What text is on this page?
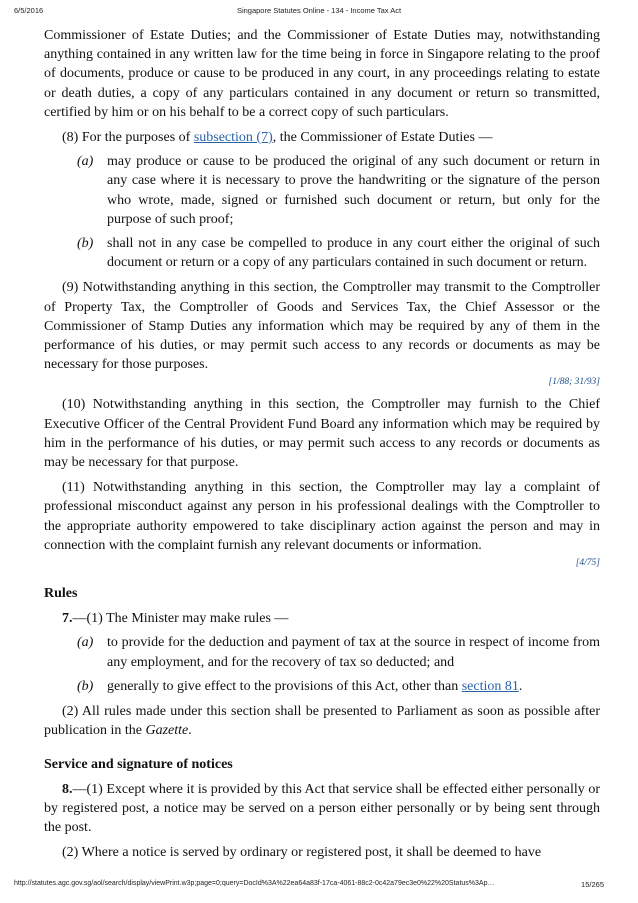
6/5/2016	Singapore Statutes Online - 134 - Income Tax Act

Commissioner of Estate Duties; and the Commissioner of Estate Duties may, notwithstanding anything contained in any written law for the time being in force in Singapore relating to the proof of documents, produce or cause to be produced in any court, in any proceedings relating to estate or death duties, a copy of any particulars contained in any document or return so transmitted, certified by him or on his behalf to be a correct copy of such particulars.

(8) For the purposes of subsection (7), the Commissioner of Estate Duties —

(a) may produce or cause to be produced the original of any such document or return in any case where it is necessary to prove the handwriting or the signature of the person who wrote, made, signed or furnished such document or return, but only for the purpose of such proof;
(b) shall not in any case be compelled to produce in any court either the original of such document or return or a copy of any particulars contained in such document or return.

(9) Notwithstanding anything in this section, the Comptroller may transmit to the Comptroller of Property Tax, the Comptroller of Goods and Services Tax, the Chief Assessor or the Commissioner of Stamp Duties any information which may be required by any of them in the performance of his duties, or may permit such access to any records or documents as may be necessary for those purposes.

[1/88; 31/93]

(10) Notwithstanding anything in this section, the Comptroller may furnish to the Chief Executive Officer of the Central Provident Fund Board any information which may be required by him in the performance of his duties, or may permit such access to any records or documents as may be necessary for that purpose.

(11) Notwithstanding anything in this section, the Comptroller may lay a complaint of professional misconduct against any person in his professional dealings with the Comptroller to the appropriate authority empowered to take disciplinary action against the person and may in connection with the complaint furnish any relevant documents or information.

[4/75]

Rules

7.—(1) The Minister may make rules —

(a) to provide for the deduction and payment of tax at the source in respect of income from any employment, and for the recovery of tax so deducted; and
(b) generally to give effect to the provisions of this Act, other than section 81.

(2) All rules made under this section shall be presented to Parliament as soon as possible after publication in the Gazette.

Service and signature of notices

8.—(1) Except where it is provided by this Act that service shall be effected either personally or by registered post, a notice may be served on a person either personally or by being sent through the post.

(2) Where a notice is served by ordinary or registered post, it shall be deemed to have

http://statutes.agc.gov.sg/aol/search/display/viewPrint.w3p;page=0;query=DocId%3A%22ea64a83f-17ca-4061-88c2-0c42a79ec3e0%22%20Status%3Ap…	15/265
